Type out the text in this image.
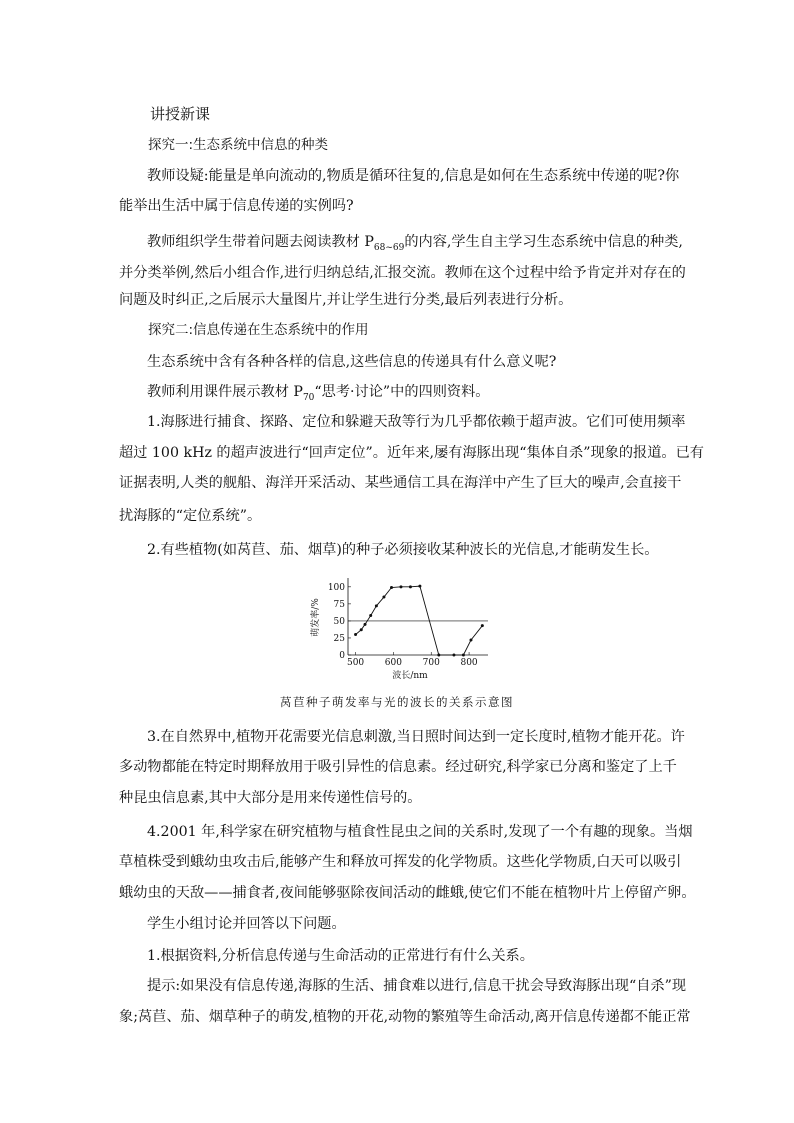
讲授新课
探究一:生态系统中信息的种类
教师设疑:能量是单向流动的,物质是循环往复的,信息是如何在生态系统中传递的呢?你
能举出生活中属于信息传递的实例吗?
教师组织学生带着问题去阅读教材 $P_{68\sim 69}$的内容,学生自主学习生态系统中信息的种类,
并分类举例,然后小组合作,进行归纳总结,汇报交流。教师在这个过程中给予肯定并对存在的
问题及时纠正,之后展示大量图片,并让学生进行分类,最后列表进行分析。
探究二:信息传递在生态系统中的作用
生态系统中含有各种各样的信息,这些信息的传递具有什么意义呢?
教师利用课件展示教材 $P_{70}“$思考·讨论”中的四则资料。
1.海豚进行捕食、探路、定位和躲避天敌等行为几乎都依赖于超声波。它们可使用频率
超过 100 kHz 的超声波进行“回声定位”。近年来,屡有海豚出现“集体自杀”现象的报道。已有
证据表明,人类的舰船、海洋开采活动、某些通信工具在海洋中产生了巨大的噪声,会直接干
扰海豚的“定位系统”。
2.有些植物(如莴苣、茄、烟草)的种子必须接收某种波长的光信息,才能萌发生长。
0
25
50
75
100
500 600 700 800
波长/nm
萌发率/%
莴苣种子萌发率与光的波长的关系示意图
3.在自然界中,植物开花需要光信息刺激,当日照时间达到一定长度时,植物才能开花。许
多动物都能在特定时期释放用于吸引异性的信息素。经过研究,科学家已分离和鉴定了上千
种昆虫信息素,其中大部分是用来传递性信号的。
4.2001 年,科学家在研究植物与植食性昆虫之间的关系时,发现了一个有趣的现象。当烟
草植株受到蛾幼虫攻击后,能够产生和释放可挥发的化学物质。这些化学物质,白天可以吸引
蛾幼虫的天敌——捕食者,夜间能够驱除夜间活动的雌蛾,使它们不能在植物叶片上停留产卵。
学生小组讨论并回答以下问题。
1.根据资料,分析信息传递与生命活动的正常进行有什么关系。
提示:如果没有信息传递,海豚的生活、捕食难以进行,信息干扰会导致海豚出现“自杀”现
象;莴苣、茄、烟草种子的萌发,植物的开花,动物的繁殖等生命活动,离开信息传递都不能正常
